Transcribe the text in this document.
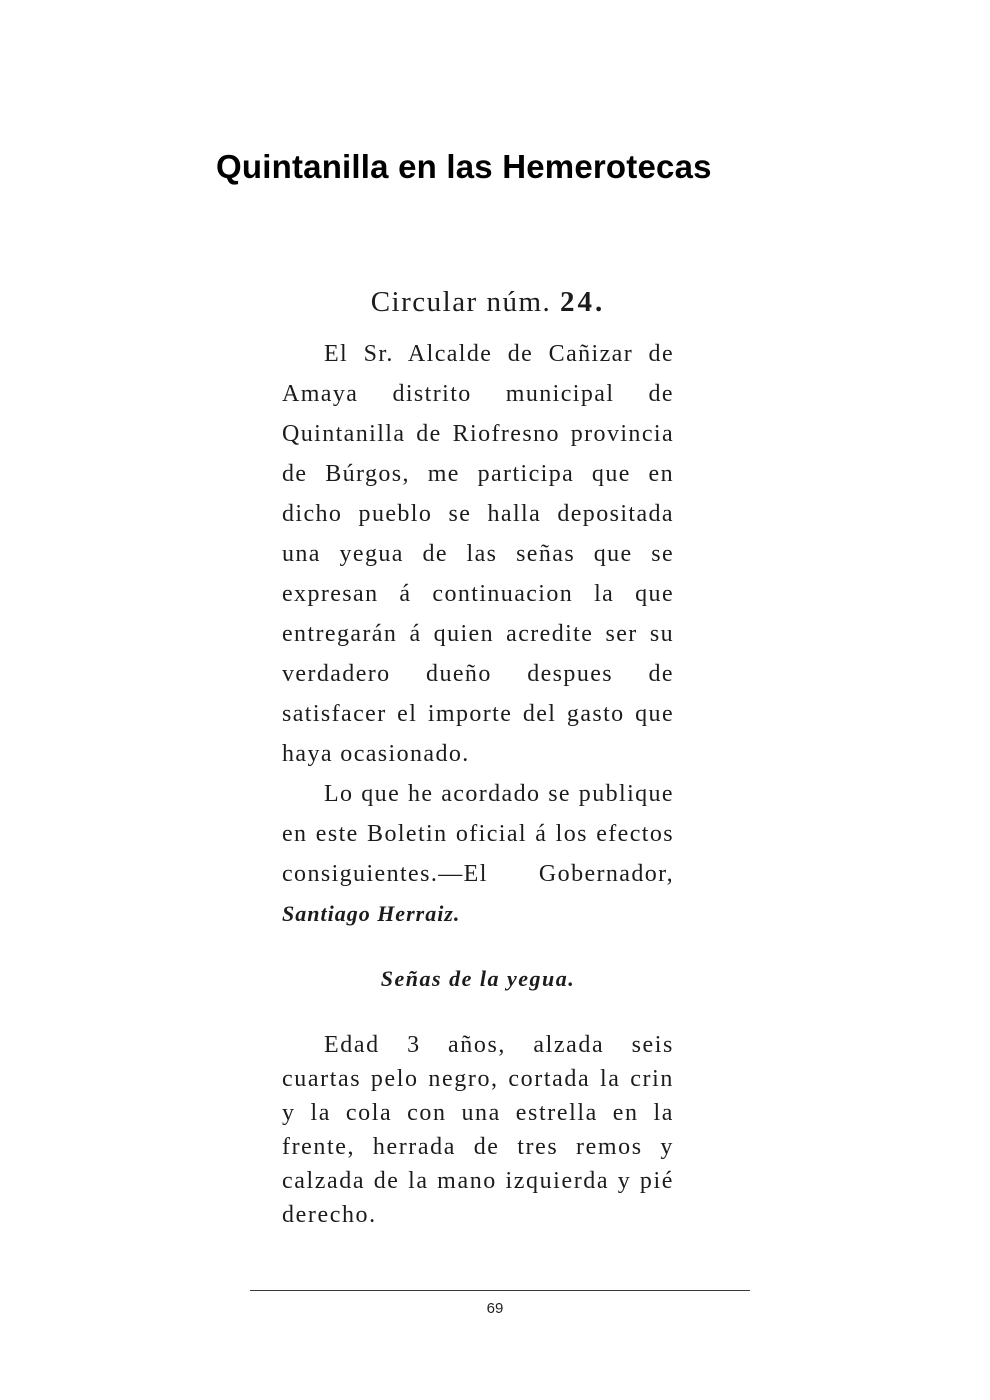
Quintanilla en las Hemerotecas
Circular núm. 24.

El Sr. Alcalde de Cañizar de Amaya distrito municipal de Quintanilla de Riofresno provincia de Búrgos, me participa que en dicho pueblo se halla depositada una yegua de las señas que se expresan á continuacion la que entregarán á quien acredite ser su verdadero dueño despues de satisfacer el importe del gasto que haya ocasionado.

Lo que he acordado se publique en este Boletin oficial á los efectos consiguientes.—El Gobernador, Santiago Herraiz.

Señas de la yegua.

Edad 3 años, alzada seis cuartas pelo negro, cortada la crin y la cola con una estrella en la frente, herrada de tres remos y calzada de la mano izquierda y pié derecho.

69
